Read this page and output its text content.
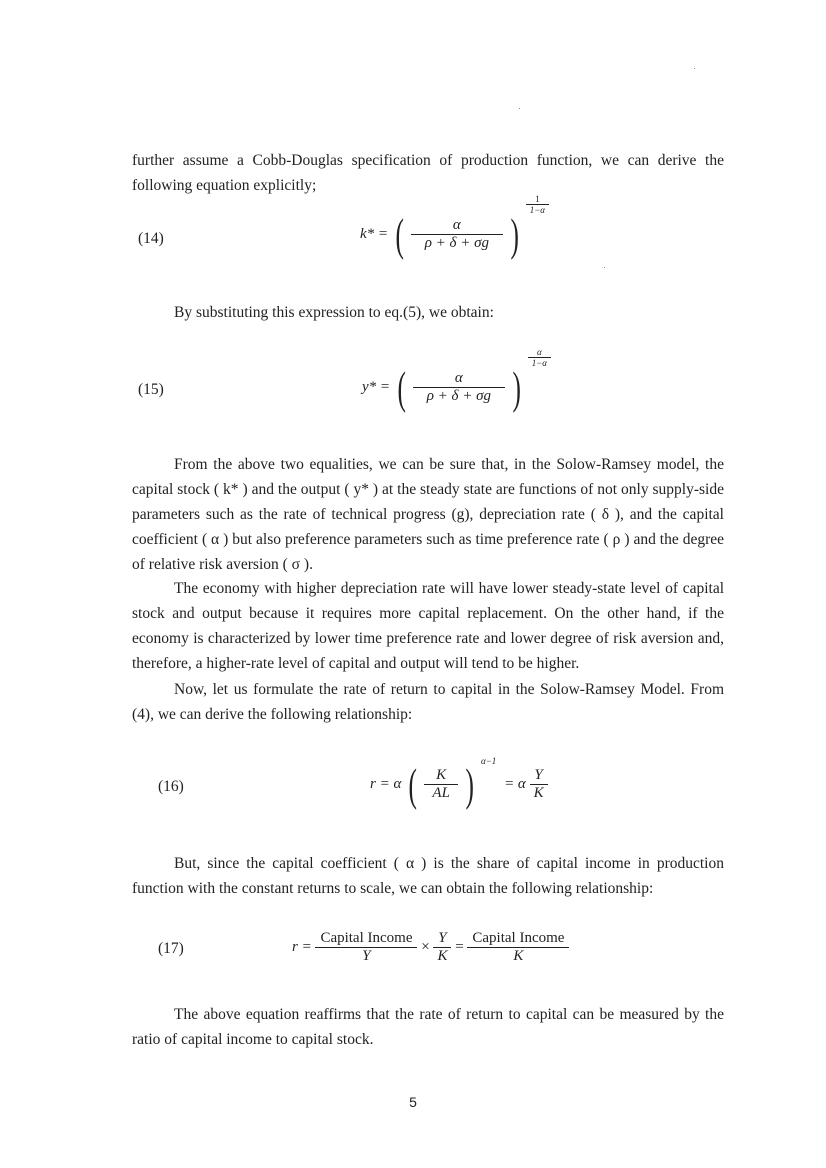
further assume a Cobb-Douglas specification of production function, we can derive the following equation explicitly;

(14)	k* = ( $\frac{\alpha}{\rho + \delta + \sigma g}$ )
$\frac{1}{1-\alpha}$

By substituting this expression to eq.(5), we obtain:

(15)	y* = ( $\frac{\alpha}{\rho + \delta + \sigma g}$ )
$\frac{\alpha}{1-\alpha}$

From the above two equalities, we can be sure that, in the Solow-Ramsey model, the capital stock ( k* ) and the output ( y* ) at the steady state are functions of not only supply-side parameters such as the rate of technical progress (g), depreciation rate ( δ ), and the capital coefficient ( α ) but also preference parameters such as time preference rate ( ρ ) and the degree of relative risk aversion ( σ ).

The economy with higher depreciation rate will have lower steady-state level of capital stock and output because it requires more capital replacement. On the other hand, if the economy is characterized by lower time preference rate and lower degree of risk aversion and, therefore, a higher-rate level of capital and output will tend to be higher.

Now, let us formulate the rate of return to capital in the Solow-Ramsey Model. From (4), we can derive the following relationship:

(16)	r = α ( $\frac{K}{AL}$ ) $^{\alpha-1}$ = α $\frac{Y}{K}$

But, since the capital coefficient ( α ) is the share of capital income in production function with the constant returns to scale, we can obtain the following relationship:

(17)	$r = \frac{\text{Capital Income}}{Y} \times \frac{Y}{K} = \frac{\text{Capital Income}}{K}$

The above equation reaffirms that the rate of return to capital can be measured by the ratio of capital income to capital stock.

5
